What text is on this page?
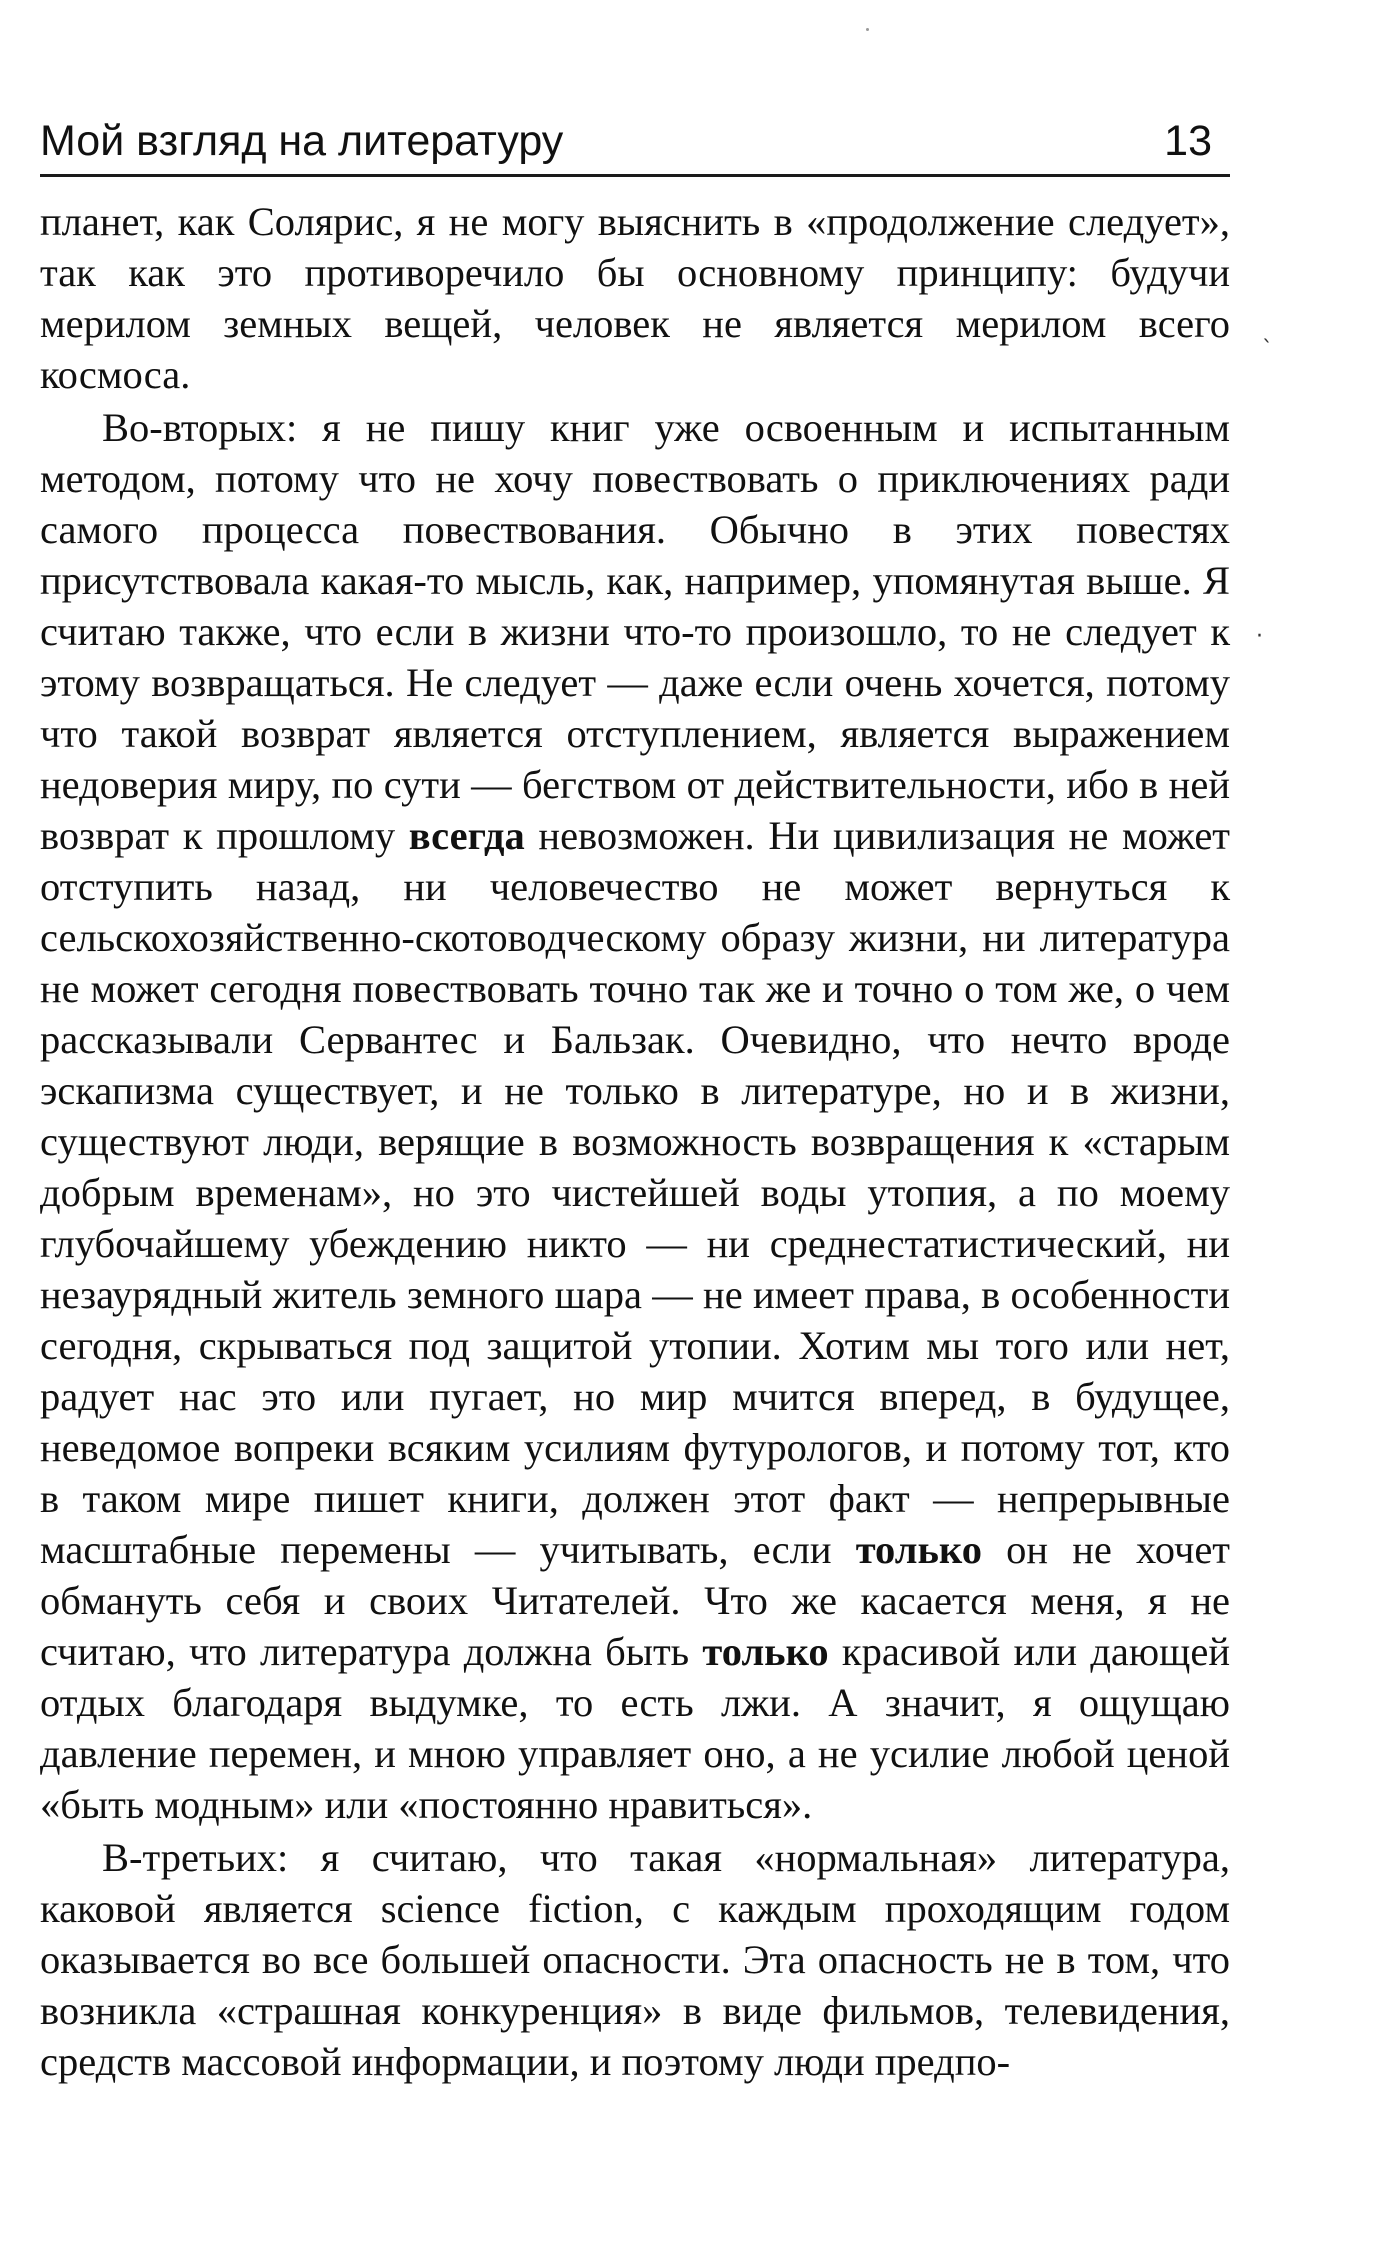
Мой взгляд на литературу	13

планет, как Солярис, я не могу выяснить в «продолжение следует», так как это противоречило бы основному принципу: будучи мерилом земных вещей, человек не является мерилом всего космоса.

Во-вторых: я не пишу книг уже освоенным и испытанным методом, потому что не хочу повествовать о приключениях ради самого процесса повествования. Обычно в этих повестях присутствовала какая-то мысль, как, например, упомянутая выше. Я считаю также, что если в жизни что-то произошло, то не следует к этому возвращаться. Не следует — даже если очень хочется, потому что такой возврат является отступлением, является выражением недоверия миру, по сути — бегством от действительности, ибо в ней возврат к прошлому всегда невозможен. Ни цивилизация не может отступить назад, ни человечество не может вернуться к сельскохозяйственно-скотоводческому образу жизни, ни литература не может сегодня повествовать точно так же и точно о том же, о чем рассказывали Сервантес и Бальзак. Очевидно, что нечто вроде эскапизма существует, и не только в литературе, но и в жизни, существуют люди, верящие в возможность возвращения к «старым добрым временам», но это чистейшей воды утопия, а по моему глубочайшему убеждению никто — ни среднестатистический, ни незаурядный житель земного шара — не имеет права, в особенности сегодня, скрываться под защитой утопии. Хотим мы того или нет, радует нас это или пугает, но мир мчится вперед, в будущее, неведомое вопреки всяким усилиям футурологов, и потому тот, кто в таком мире пишет книги, должен этот факт — непрерывные масштабные перемены — учитывать, если только он не хочет обмануть себя и своих Читателей. Что же касается меня, я не считаю, что литература должна быть только красивой или дающей отдых благодаря выдумке, то есть лжи. А значит, я ощущаю давление перемен, и мною управляет оно, а не усилие любой ценой «быть модным» или «постоянно нравиться».

В-третьих: я считаю, что такая «нормальная» литература, каковой является science fiction, с каждым проходящим годом оказывается во все большей опасности. Эта опасность не в том, что возникла «страшная конкуренция» в виде фильмов, телевидения, средств массовой информации, и поэтому люди предпо-

ˎ
·
